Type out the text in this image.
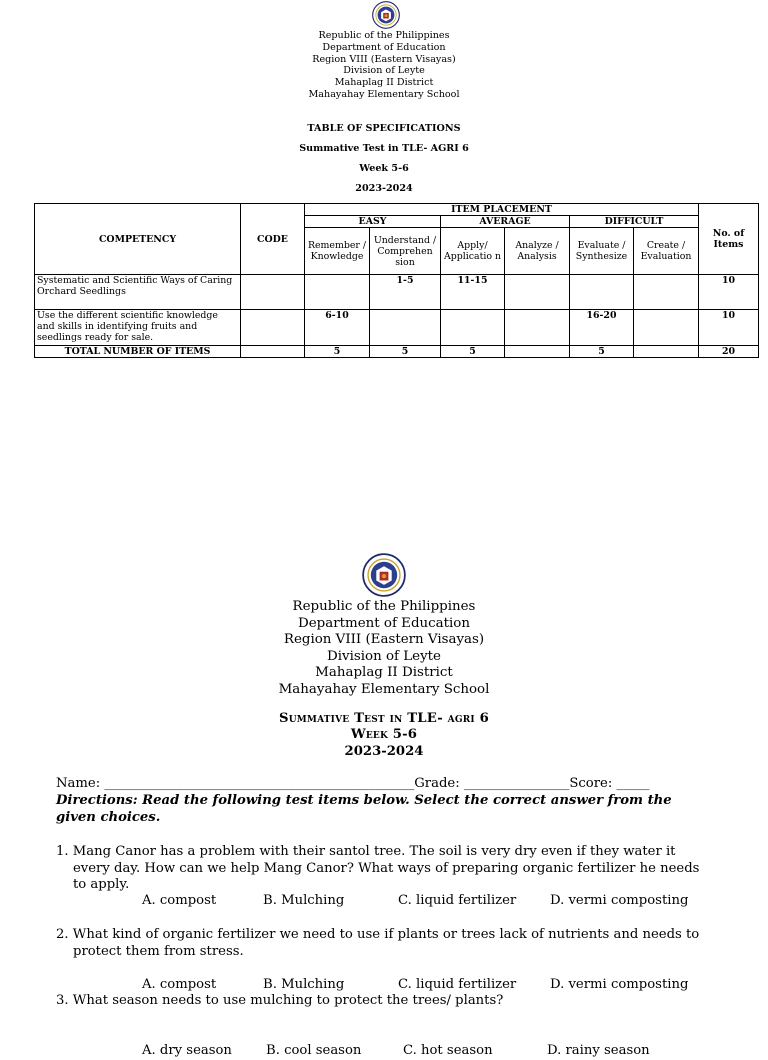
Republic of the Philippines
Department of Education
Region VIII (Eastern Visayas)
Division of Leyte
Mahaplag II District
Mahayahay Elementary School
TABLE OF SPECIFICATIONS
Summative Test in TLE- AGRI 6
Week 5-6
2023-2024
COMPETENCY	CODE	ITEM PLACEMENT						No. of Items
		EASY		AVERAGE		DIFFICULT		
		Remember / Knowledge	Understand / Comprehen sion	Apply/ Applicatio n	Analyze / Analysis	Evaluate / Synthesize	Create / Evaluation	
Systematic and Scientific Ways of Caring Orchard Seedlings			1-5	11-15				10
Use the different scientific knowledge and skills in identifying fruits and seedlings ready for sale.		6-10				16-20		10
TOTAL NUMBER OF ITEMS		5	5	5		5		20
Republic of the Philippines
Department of Education
Region VIII (Eastern Visayas)
Division of Leyte
Mahaplag II District
Mahayahay Elementary School
Summative Test in TLE- agri 6
Week 5-6
2023-2024
Name: _______________________________________________Grade: ________________Score: _____
Directions: Read the following test items below. Select the correct answer from the given choices.
1. Mang Canor has a problem with their santol tree. The soil is very dry even if they water it every day. How can we help Mang Canor? What ways of preparing organic fertilizer he needs to apply.
A. compost	B. Mulching	C. liquid fertilizer	D. vermi composting
2. What kind of organic fertilizer we need to use if plants or trees lack of nutrients and needs to protect them from stress.
A. compost	B. Mulching	C. liquid fertilizer	D. vermi composting
3. What season needs to use mulching to protect the trees/ plants?
A. dry season	B. cool season	C. hot season	D. rainy season
